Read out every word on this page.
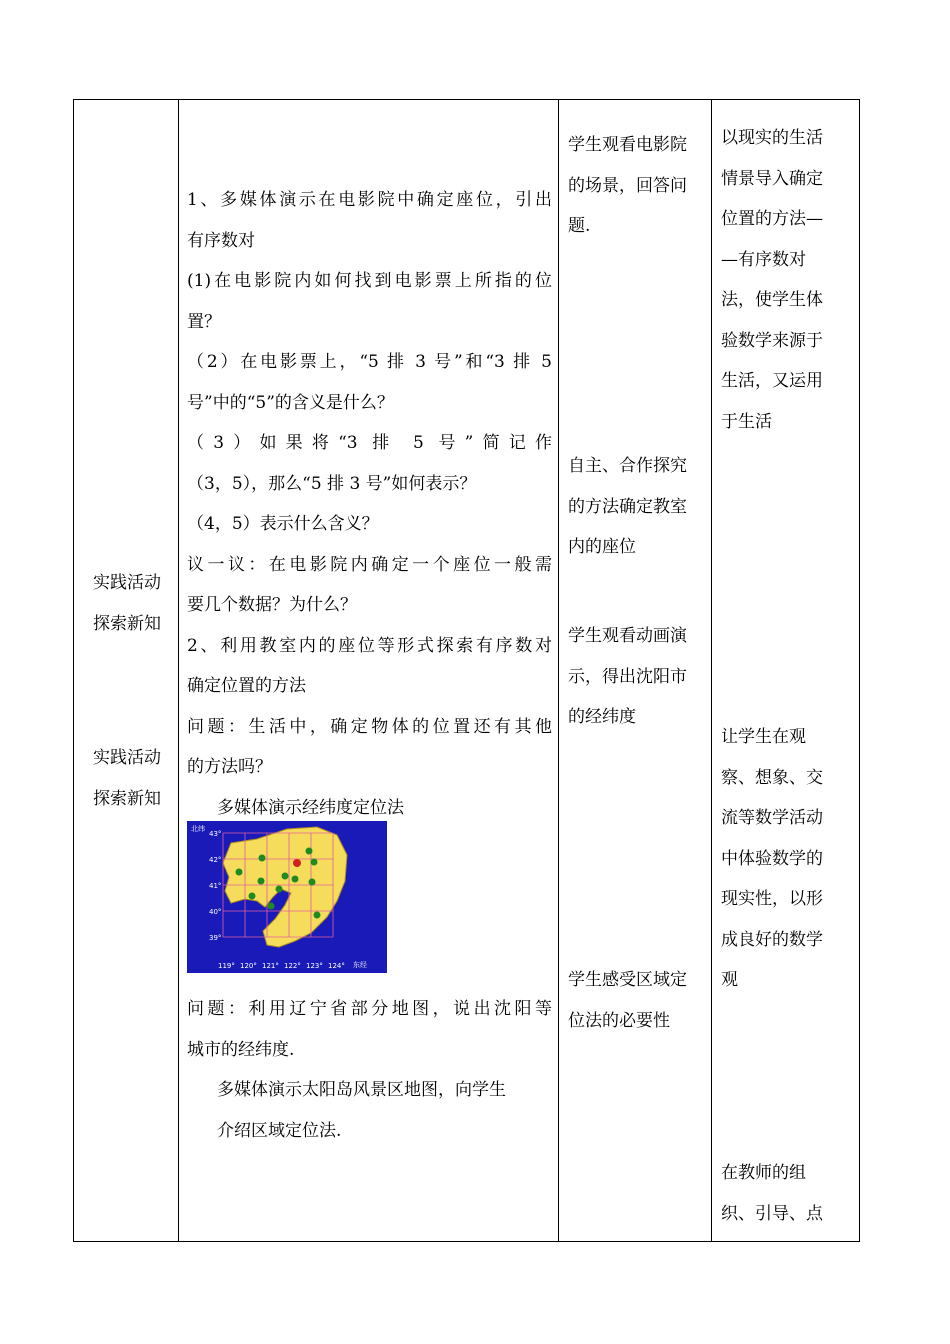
实践活动

探索新知

实践活动

探索新知

1、多媒体演示在电影院中确定座位，引出

有序数对

(1)在电影院内如何找到电影票上所指的位

置？

（2）在电影票上，“5 排 3 号”和“3 排 5

号”中的“5”的含义是什么？

（3）如果将“3 排 5 号”简记作

（3，5），那么“5 排 3 号”如何表示？

（4，5）表示什么含义？

议一议：在电影院内确定一个座位一般需

要几个数据？为什么？

2、利用教室内的座位等形式探索有序数对

确定位置的方法

问题：生活中，确定物体的位置还有其他

的方法吗？

多媒体演示经纬度定位法

北纬
东经
43°
42°
41°
40°
39°
119° 120° 121° 122° 123° 124°

问题：利用辽宁省部分地图，说出沈阳等

城市的经纬度.

多媒体演示太阳岛风景区地图，向学生

介绍区域定位法.

学生观看电影院

的场景，回答问

题.

自主、合作探究

的方法确定教室

内的座位

学生观看动画演

示，得出沈阳市

的经纬度

学生感受区域定

位法的必要性

以现实的生活

情景导入确定

位置的方法—

—有序数对

法，使学生体

验数学来源于

生活，又运用

于生活

让学生在观

察、想象、交

流等数学活动

中体验数学的

现实性，以形

成良好的数学

观

在教师的组

织、引导、点
